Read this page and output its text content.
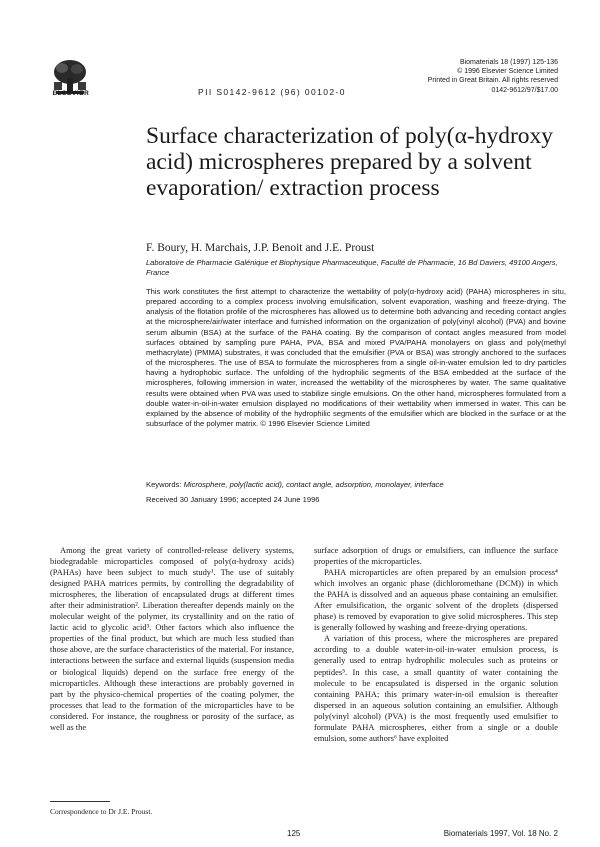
ELSEVIER	PII S0142-9612 (96) 00102-0
Biomaterials 18 (1997) 125-136
© 1996 Elsevier Science Limited
Printed in Great Britain. All rights reserved
0142-9612/97/$17.00
Surface characterization of poly(α-hydroxy acid) microspheres prepared by a solvent evaporation/ extraction process
F. Boury, H. Marchais, J.P. Benoit and J.E. Proust
Laboratoire de Pharmacie Galénique et Biophysique Pharmaceutique, Faculté de Pharmacie, 16 Bd Daviers, 49100 Angers, France

This work constitutes the first attempt to characterize the wettability of poly(α-hydroxy acid) (PAHA) microspheres in situ, prepared according to a complex process involving emulsification, solvent evaporation, washing and freeze-drying. The analysis of the flotation profile of the microspheres has allowed us to determine both advancing and receding contact angles at the microsphere/air/water interface and furnished information on the organization of poly(vinyl alcohol) (PVA) and bovine serum albumin (BSA) at the surface of the PAHA coating. By the comparison of contact angles measured from model surfaces obtained by sampling pure PAHA, PVA, BSA and mixed PVA/PAHA monolayers on glass and poly(methyl methacrylate) (PMMA) substrates, it was concluded that the emulsifier (PVA or BSA) was strongly anchored to the surfaces of the microspheres. The use of BSA to formulate the microspheres from a single oil-in-water emulsion led to dry particles having a hydrophobic surface. The unfolding of the hydrophilic segments of the BSA embedded at the surface of the microspheres, following immersion in water, increased the wettability of the microspheres by water. The same qualitative results were obtained when PVA was used to stabilize single emulsions. On the other hand, microspheres formulated from a double water-in-oil-in-water emulsion displayed no modifications of their wettability when immersed in water. This can be explained by the absence of mobility of the hydrophilic segments of the emulsifier which are blocked in the surface or at the subsurface of the polymer matrix. © 1996 Elsevier Science Limited

Keywords: Microsphere, poly(lactic acid), contact angle, adsorption, monolayer, interface
Received 30 January 1996; accepted 24 June 1996

Among the great variety of controlled-release delivery systems, biodegradable microparticles composed of poly(α-hydroxy acids) (PAHAs) have been subject to much study¹. The use of suitably designed PAHA matrices permits, by controlling the degradability of microspheres, the liberation of encapsulated drugs at different times after their administration². Liberation thereafter depends mainly on the molecular weight of the polymer, its crystallinity and on the ratio of lactic acid to glycolic acid³. Other factors which also influence the properties of the final product, but which are much less studied than those above, are the surface characteristics of the material. For instance, interactions between the surface and external liquids (suspension media or biological liquids) depend on the surface free energy of the microparticles. Although these interactions are probably governed in part by the physico-chemical properties of the coating polymer, the processes that lead to the formation of the microparticles have to be considered. For instance, the roughness or porosity of the surface, as well as the

surface adsorption of drugs or emulsifiers, can influence the surface properties of the microparticles.

PAHA microparticles are often prepared by an emulsion process⁴ which involves an organic phase (dichloromethane (DCM)) in which the PAHA is dissolved and an aqueous phase containing an emulsifier. After emulsification, the organic solvent of the droplets (dispersed phase) is removed by evaporation to give solid microspheres. This step is generally followed by washing and freeze-drying operations.

A variation of this process, where the microspheres are prepared according to a double water-in-oil-in-water emulsion process, is generally used to entrap hydrophilic molecules such as proteins or peptides⁵. In this case, a small quantity of water containing the molecule to be encapsulated is dispersed in the organic solution containing PAHA; this primary water-in-oil emulsion is thereafter dispersed in an aqueous solution containing an emulsifier. Although poly(vinyl alcohol) (PVA) is the most frequently used emulsifier to formulate PAHA microspheres, either from a single or a double emulsion, some authors⁶ have exploited

Correspondence to Dr J.E. Proust.
125	Biomaterials 1997, Vol. 18 No. 2
